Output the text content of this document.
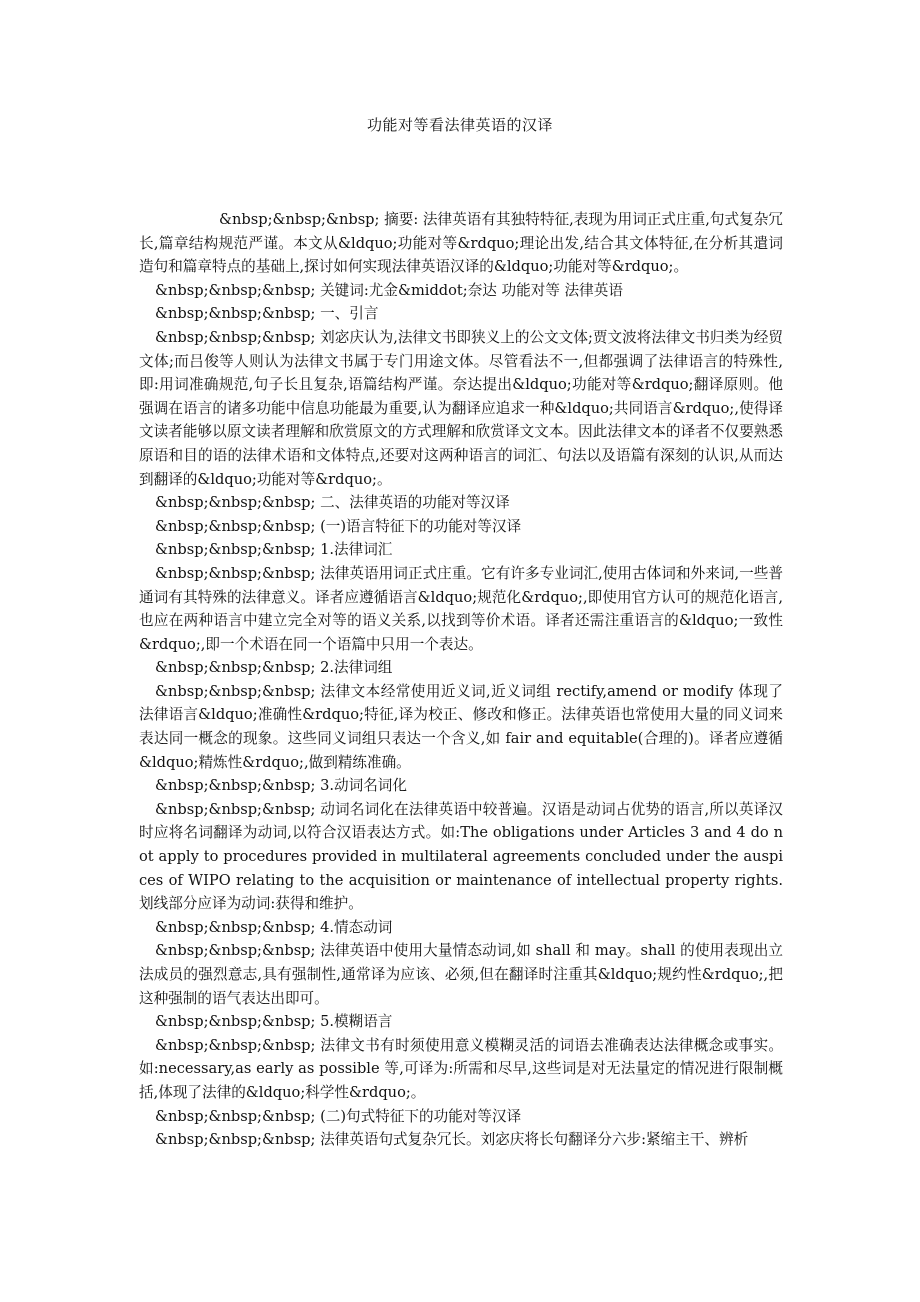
功能对等看法律英语的汉译

&nbsp;&nbsp;&nbsp; 摘要: 法律英语有其独特特征,表现为用词正式庄重,句式复杂冗长,篇章结构规范严谨。本文从&ldquo;功能对等&rdquo;理论出发,结合其文体特征,在分析其遣词造句和篇章特点的基础上,探讨如何实现法律英语汉译的&ldquo;功能对等&rdquo;。

&nbsp;&nbsp;&nbsp; 关键词:尤金&middot;奈达 功能对等 法律英语

&nbsp;&nbsp;&nbsp; 一、引言

&nbsp;&nbsp;&nbsp; 刘宓庆认为,法律文书即狭义上的公文文体;贾文波将法律文书归类为经贸文体;而吕俊等人则认为法律文书属于专门用途文体。尽管看法不一,但都强调了法律语言的特殊性,即:用词准确规范,句子长且复杂,语篇结构严谨。奈达提出&ldquo;功能对等&rdquo;翻译原则。他强调在语言的诸多功能中信息功能最为重要,认为翻译应追求一种&ldquo;共同语言&rdquo;,使得译文读者能够以原文读者理解和欣赏原文的方式理解和欣赏译文文本。因此法律文本的译者不仅要熟悉原语和目的语的法律术语和文体特点,还要对这两种语言的词汇、句法以及语篇有深刻的认识,从而达到翻译的&ldquo;功能对等&rdquo;。

&nbsp;&nbsp;&nbsp; 二、法律英语的功能对等汉译

&nbsp;&nbsp;&nbsp; (一)语言特征下的功能对等汉译

&nbsp;&nbsp;&nbsp; 1.法律词汇

&nbsp;&nbsp;&nbsp; 法律英语用词正式庄重。它有许多专业词汇,使用古体词和外来词,一些普通词有其特殊的法律意义。译者应遵循语言&ldquo;规范化&rdquo;,即使用官方认可的规范化语言,也应在两种语言中建立完全对等的语义关系,以找到等价术语。译者还需注重语言的&ldquo;一致性&rdquo;,即一个术语在同一个语篇中只用一个表达。

&nbsp;&nbsp;&nbsp; 2.法律词组

&nbsp;&nbsp;&nbsp; 法律文本经常使用近义词,近义词组 rectify,amend or modify 体现了法律语言&ldquo;准确性&rdquo;特征,译为校正、修改和修正。法律英语也常使用大量的同义词来表达同一概念的现象。这些同义词组只表达一个含义,如 fair and equitable(合理的)。译者应遵循&ldquo;精炼性&rdquo;,做到精练准确。

&nbsp;&nbsp;&nbsp; 3.动词名词化

&nbsp;&nbsp;&nbsp; 动词名词化在法律英语中较普遍。汉语是动词占优势的语言,所以英译汉时应将名词翻译为动词,以符合汉语表达方式。如:The obligations under Articles 3 and 4 do not apply to procedures provided in multilateral agreements concluded under the auspices of WIPO relating to the acquisition or maintenance of intellectual property rights.划线部分应译为动词:获得和维护。

&nbsp;&nbsp;&nbsp; 4.情态动词

&nbsp;&nbsp;&nbsp; 法律英语中使用大量情态动词,如 shall 和 may。shall 的使用表现出立法成员的强烈意志,具有强制性,通常译为应该、必须,但在翻译时注重其&ldquo;规约性&rdquo;,把这种强制的语气表达出即可。

&nbsp;&nbsp;&nbsp; 5.模糊语言

&nbsp;&nbsp;&nbsp; 法律文书有时须使用意义模糊灵活的词语去准确表达法律概念或事实。如:necessary,as early as possible 等,可译为:所需和尽早,这些词是对无法量定的情况进行限制概括,体现了法律的&ldquo;科学性&rdquo;。

&nbsp;&nbsp;&nbsp; (二)句式特征下的功能对等汉译

&nbsp;&nbsp;&nbsp; 法律英语句式复杂冗长。刘宓庆将长句翻译分六步:紧缩主干、辨析
